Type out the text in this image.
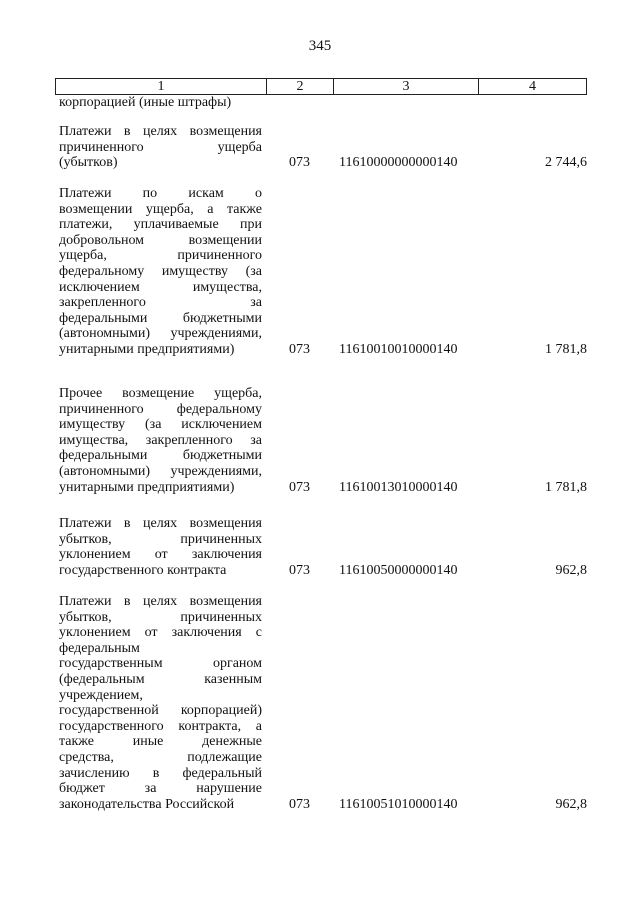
345
1	2	3	4
корпорацией (иные штрафы)
Платежи в целях возмещения
причиненного ущерба
(убытков)	073	11610000000000140	2 744,6
Платежи по искам о
возмещении ущерба, а также
платежи, уплачиваемые при
добровольном возмещении
ущерба, причиненного
федеральному имуществу (за
исключением имущества,
закрепленного за
федеральными бюджетными
(автономными) учреждениями,
унитарными предприятиями)	073	11610010010000140	1 781,8
Прочее возмещение ущерба,
причиненного федеральному
имуществу (за исключением
имущества, закрепленного за
федеральными бюджетными
(автономными) учреждениями,
унитарными предприятиями)	073	11610013010000140	1 781,8
Платежи в целях возмещения
убытков, причиненных
уклонением от заключения
государственного контракта	073	11610050000000140	962,8
Платежи в целях возмещения
убытков, причиненных
уклонением от заключения с
федеральным
государственным органом
(федеральным казенным
учреждением,
государственной корпорацией)
государственного контракта, а
также иные денежные
средства, подлежащие
зачислению в федеральный
бюджет за нарушение
законодательства Российской	073	11610051010000140	962,8
